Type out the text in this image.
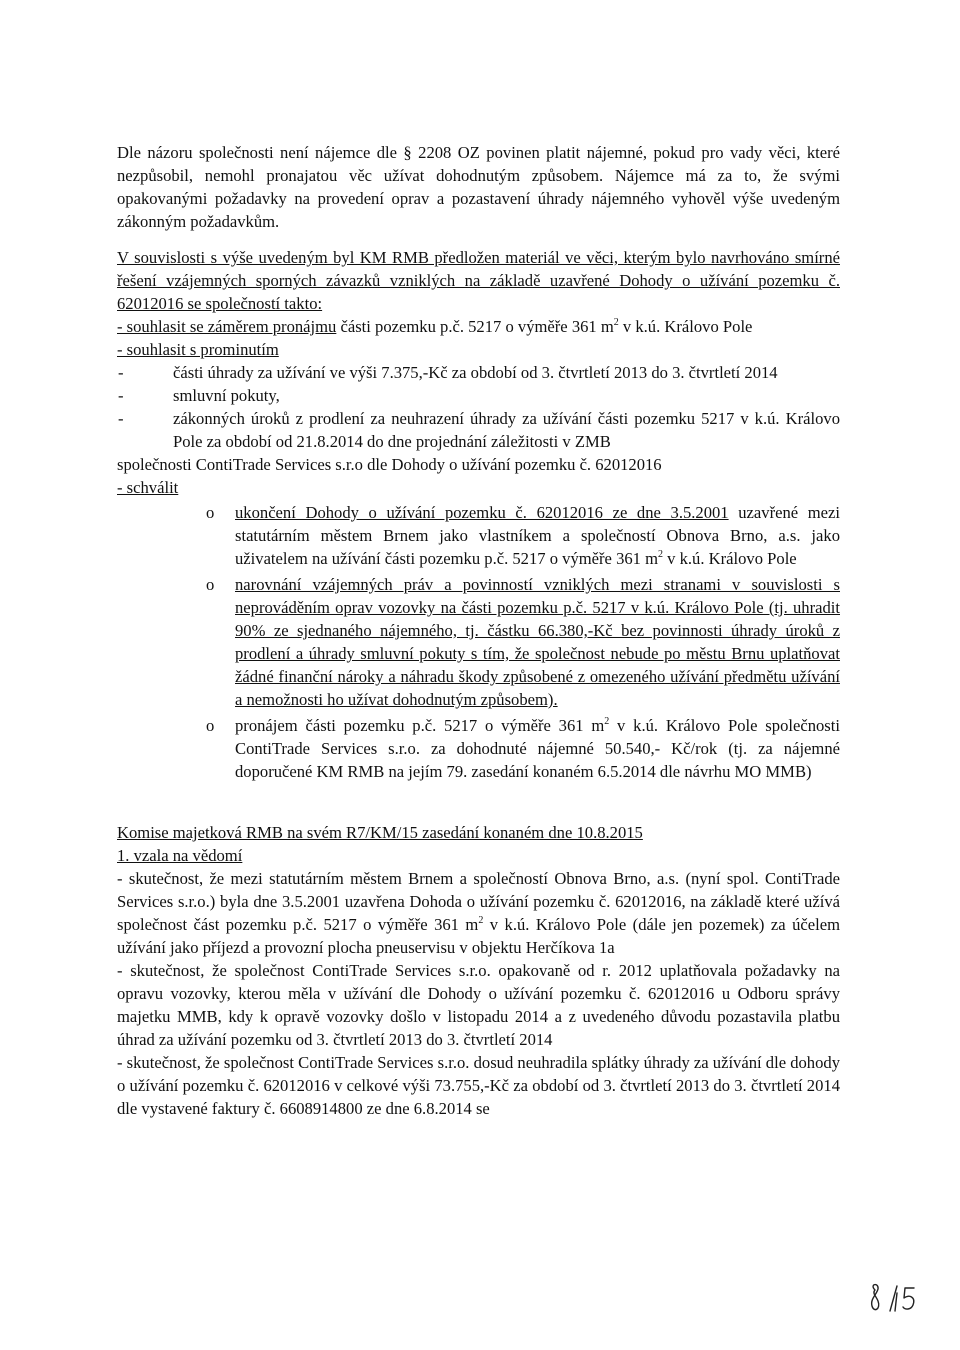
Dle názoru společnosti není nájemce dle § 2208 OZ povinen platit nájemné, pokud pro vady věci, které nezpůsobil, nemohl pronajatou věc užívat dohodnutým způsobem. Nájemce má za to, že svými opakovanými požadavky na provedení oprav a pozastavení úhrady nájemného vyhověl výše uvedeným zákonným požadavkům.

V souvislosti s výše uvedeným byl KM RMB předložen materiál ve věci, kterým bylo navrhováno smírné řešení vzájemných sporných závazků vzniklých na základě uzavřené Dohody o užívání pozemku č. 62012016 se společností takto:

- souhlasit se záměrem pronájmu části pozemku p.č. 5217 o výměře 361 $m^2$ v k.ú. Královo Pole

- souhlasit s prominutím

-	části úhrady za užívání ve výši 7.375,-Kč za období od 3. čtvrtletí 2013 do 3. čtvrtletí 2014
-	smluvní pokuty,
-	zákonných úroků z prodlení za neuhrazení úhrady za užívání části pozemku 5217 v k.ú. Královo Pole za období od 21.8.2014 do dne projednání záležitosti v ZMB

společnosti ContiTrade Services s.r.o dle Dohody o užívání pozemku č. 62012016

- schválit

o	ukončení Dohody o užívání pozemku č. 62012016 ze dne 3.5.2001 uzavřené mezi statutárním městem Brnem jako vlastníkem a společností Obnova Brno, a.s. jako uživatelem na užívání části pozemku p.č. 5217 o výměře 361 $m^2$ v k.ú. Královo Pole
o	narovnání vzájemných práv a povinností vzniklých mezi stranami v souvislosti s neprováděním oprav vozovky na části pozemku p.č. 5217 v k.ú. Královo Pole (tj. uhradit 90% ze sjednaného nájemného, tj. částku 66.380,-Kč bez povinnosti úhrady úroků z prodlení a úhrady smluvní pokuty s tím, že společnost nebude po městu Brnu uplatňovat žádné finanční nároky a náhradu škody způsobené z omezeného užívání předmětu užívání a nemožnosti ho užívat dohodnutým způsobem).
o	pronájem části pozemku p.č. 5217 o výměře 361 $m^2$ v k.ú. Královo Pole společnosti ContiTrade Services s.r.o. za dohodnuté nájemné 50.540,- Kč/rok (tj. za nájemné doporučené KM RMB na jejím 79. zasedání konaném 6.5.2014 dle návrhu MO MMB)

Komise majetková RMB na svém R7/KM/15 zasedání konaném dne 10.8.2015

1. vzala na vědomí

- skutečnost, že mezi statutárním městem Brnem a společností Obnova Brno, a.s. (nyní spol. ContiTrade Services s.r.o.) byla dne 3.5.2001 uzavřena Dohoda o užívání pozemku č. 62012016, na základě které užívá společnost část pozemku p.č. 5217 o výměře 361 $m^2$ v k.ú. Královo Pole (dále jen pozemek) za účelem užívání jako příjezd a provozní plocha pneuservisu v objektu Herčíkova 1a

- skutečnost, že společnost ContiTrade Services s.r.o. opakovaně od r. 2012 uplatňovala požadavky na opravu vozovky, kterou měla v užívání dle Dohody o užívání pozemku č. 62012016 u Odboru správy majetku MMB, kdy k opravě vozovky došlo v listopadu 2014 a z uvedeného důvodu pozastavila platbu úhrad za užívání pozemku od 3. čtvrtletí 2013 do 3. čtvrtletí 2014

- skutečnost, že společnost ContiTrade Services s.r.o. dosud neuhradila splátky úhrady za užívání dle dohody o užívání pozemku č. 62012016 v celkové výši 73.755,-Kč za období od 3. čtvrtletí 2013 do 3. čtvrtletí 2014 dle vystavené faktury č. 6608914800 ze dne 6.8.2014 se
